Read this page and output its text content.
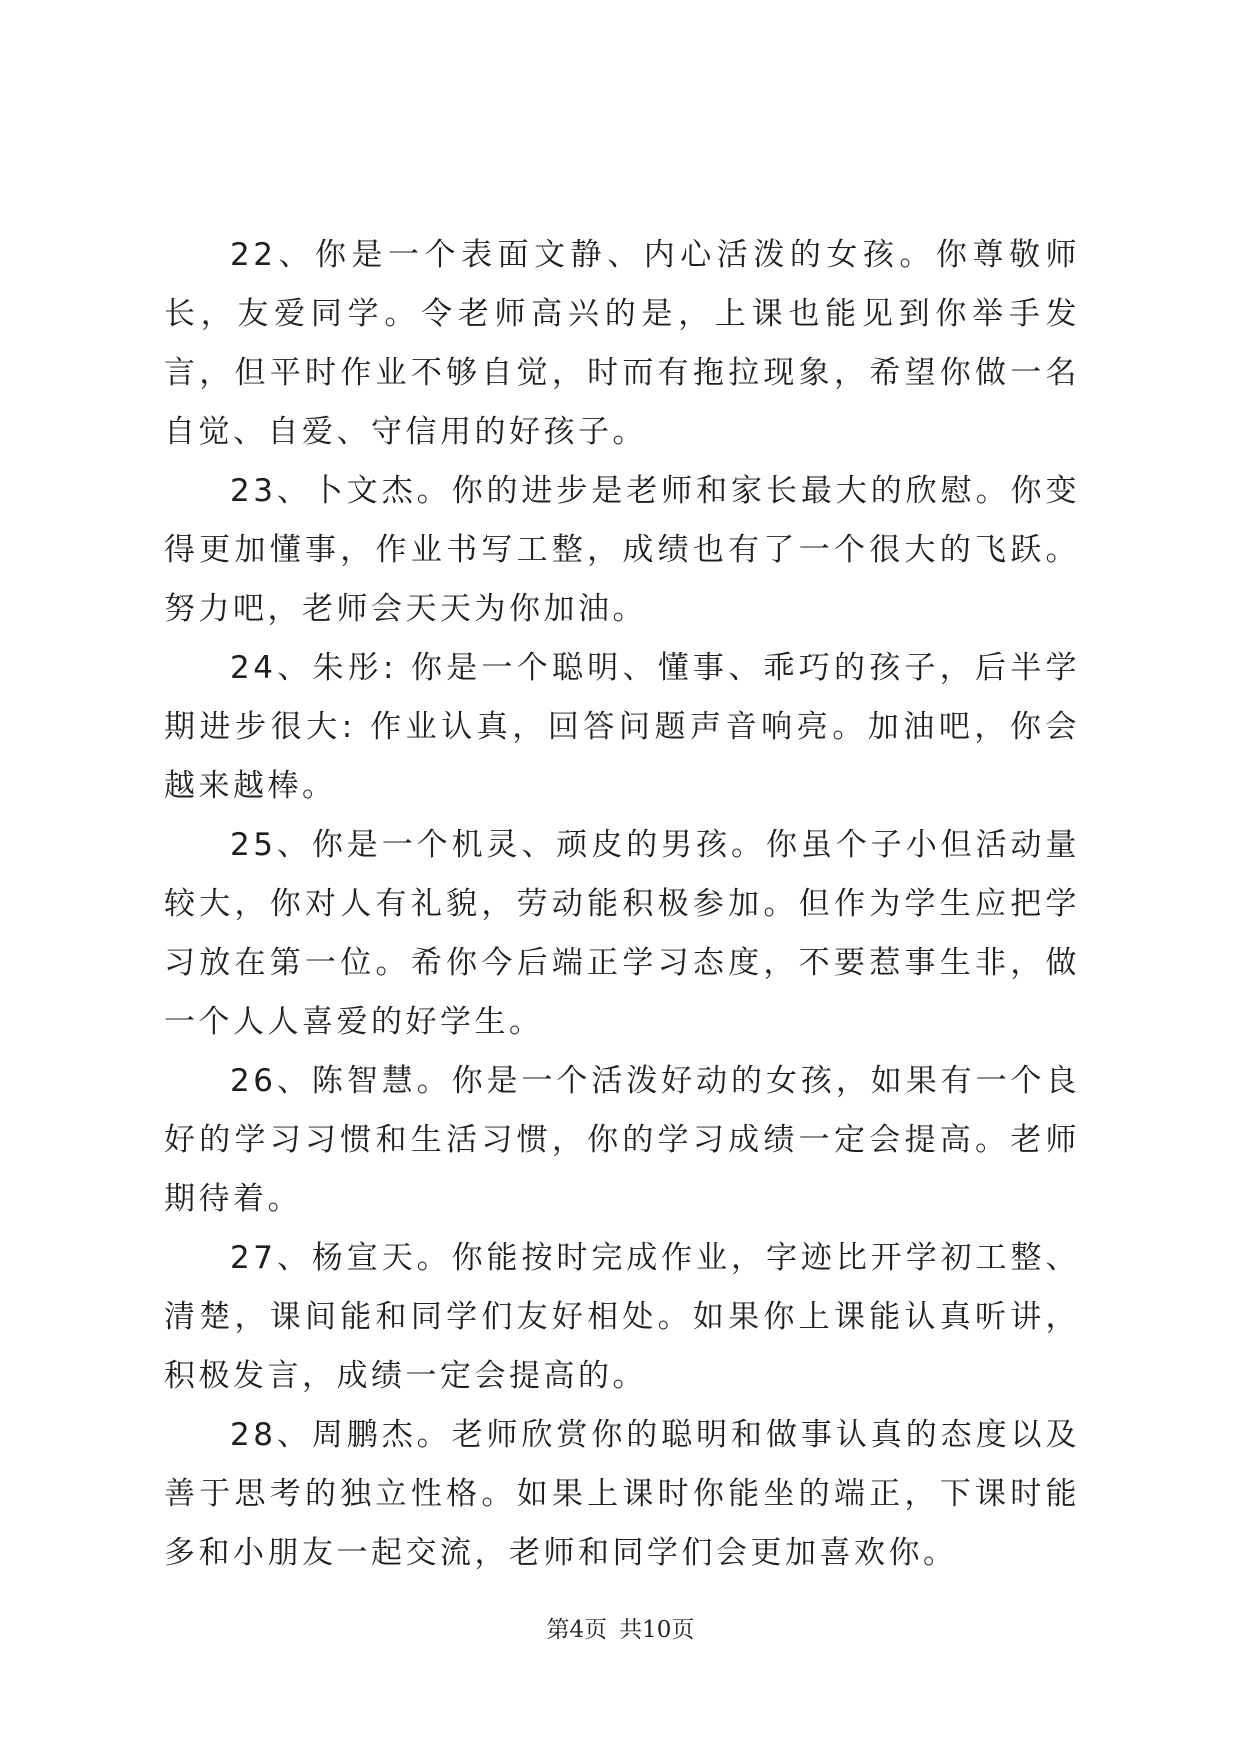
22、你是一个表面文静、内心活泼的女孩。你尊敬师长，友爱同学。令老师高兴的是，上课也能见到你举手发言，但平时作业不够自觉，时而有拖拉现象，希望你做一名自觉、自爱、守信用的好孩子。

23、卜文杰。你的进步是老师和家长最大的欣慰。你变得更加懂事，作业书写工整，成绩也有了一个很大的飞跃。努力吧，老师会天天为你加油。

24、朱彤: 你是一个聪明、懂事、乖巧的孩子，后半学期进步很大: 作业认真，回答问题声音响亮。加油吧，你会越来越棒。

25、你是一个机灵、顽皮的男孩。你虽个子小但活动量较大，你对人有礼貌，劳动能积极参加。但作为学生应把学习放在第一位。希你今后端正学习态度，不要惹事生非，做一个人人喜爱的好学生。

26、陈智慧。你是一个活泼好动的女孩，如果有一个良好的学习习惯和生活习惯，你的学习成绩一定会提高。老师期待着。

27、杨宣天。你能按时完成作业，字迹比开学初工整、清楚，课间能和同学们友好相处。如果你上课能认真听讲，积极发言，成绩一定会提高的。

28、周鹏杰。老师欣赏你的聪明和做事认真的态度以及善于思考的独立性格。如果上课时你能坐的端正，下课时能多和小朋友一起交流，老师和同学们会更加喜欢你。

第4页 共10页
